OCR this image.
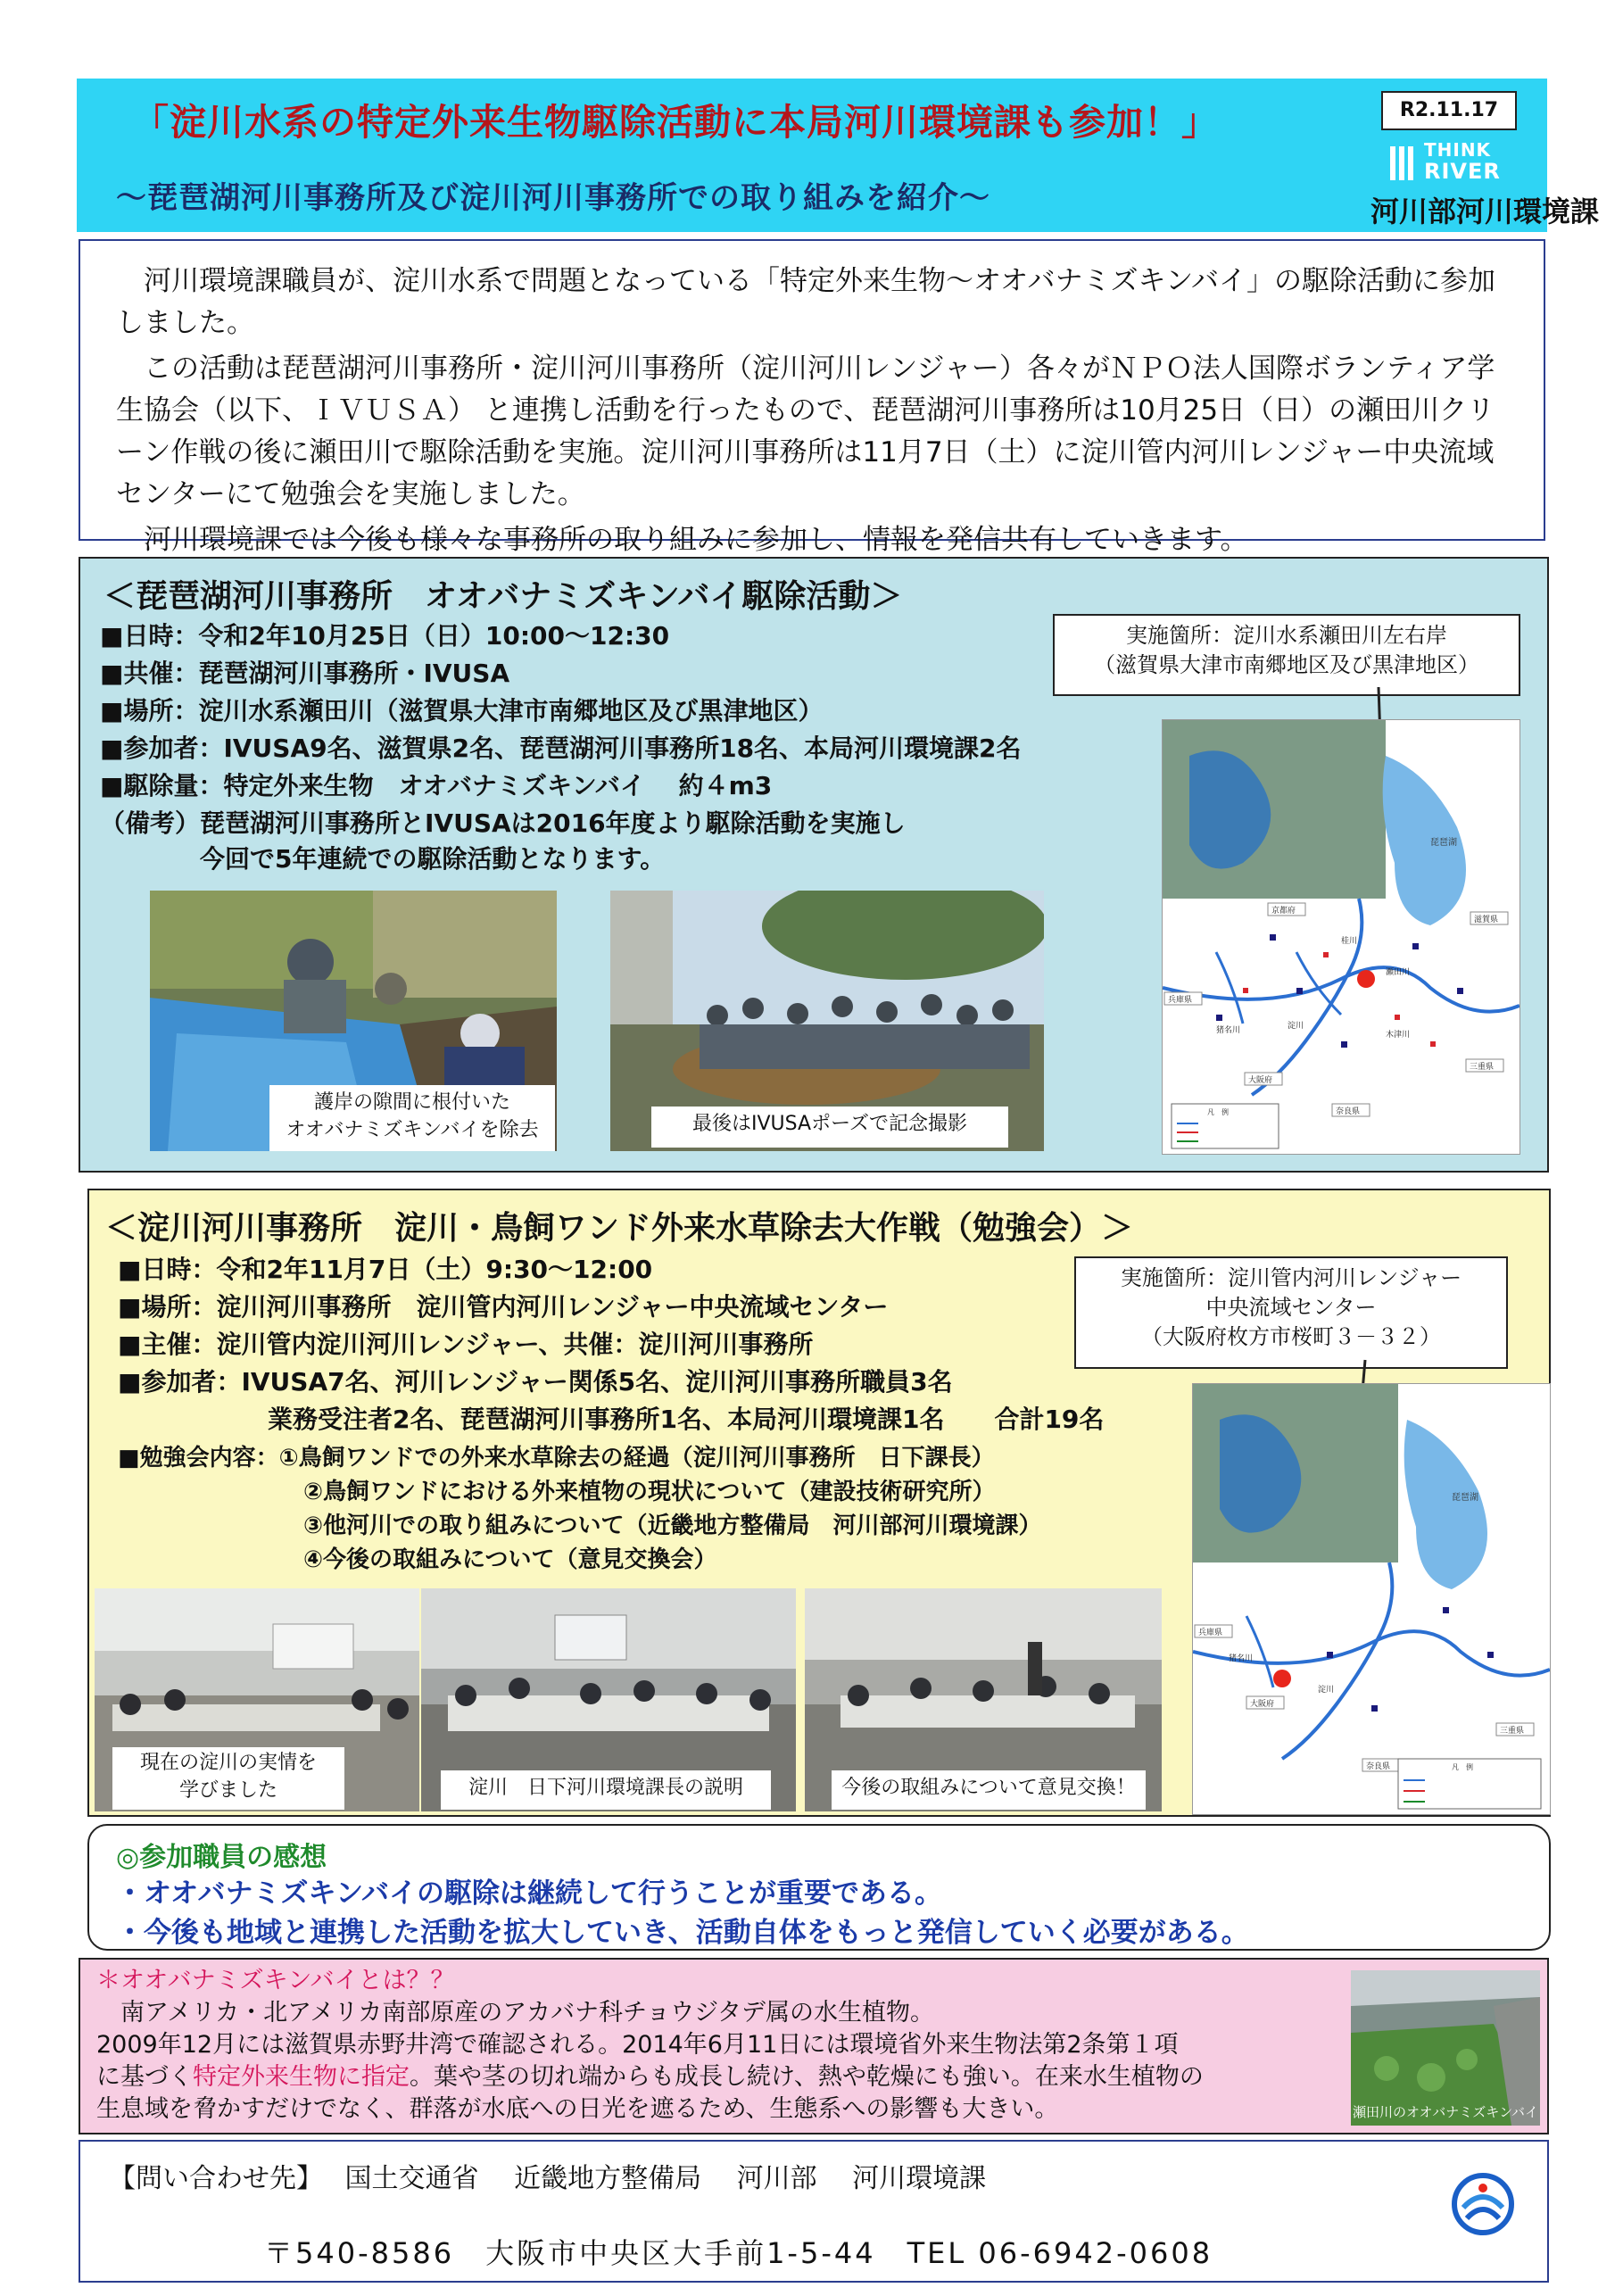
「淀川水系の特定外来生物駆除活動に本局河川環境課も参加！」
～琵琶湖河川事務所及び淀川河川事務所での取り組みを紹介～
R2.11.17
THINK
RIVER
河川部河川環境課

　河川環境課職員が、淀川水系で問題となっている「特定外来生物～オオバナミズキンバイ」の駆除活動に参加しました。

　この活動は琵琶湖河川事務所・淀川河川事務所（淀川河川レンジャー）各々がＮＰＯ法人国際ボランティア学生協会（以下、ＩＶＵＳＡ） と連携し活動を行ったもので、琵琶湖河川事務所は10月25日（日）の瀬田川クリーン作戦の後に瀬田川で駆除活動を実施。淀川河川事務所は11月7日（土）に淀川管内河川レンジャー中央流域センターにて勉強会を実施しました。

　河川環境課では今後も様々な事務所の取り組みに参加し、情報を発信共有していきます。

＜琵琶湖河川事務所　オオバナミズキンバイ駆除活動＞
■日時：令和2年10月25日（日）10:00～12:30
■共催：琵琶湖河川事務所・IVUSA
■場所：淀川水系瀬田川（滋賀県大津市南郷地区及び黒津地区）
■参加者：IVUSA9名、滋賀県2名、琵琶湖河川事務所18名、本局河川環境課2名
■駆除量：特定外来生物　オオバナミズキンバイ　 約４m3
（備考）琵琶湖河川事務所とIVUSAは2016年度より駆除活動を実施し
　　　　今回で5年連続での駆除活動となります。
実施箇所：淀川水系瀬田川左右岸
（滋賀県大津市南郷地区及び黒津地区）
護岸の隙間に根付いた
オオバナミズキンバイを除去	最後はIVUSAポーズで記念撮影
琵琶湖
京都府
滋賀県
兵庫県
瀬田川
淀川
木津川
大阪府
奈良県
三重県
猪名川
桂川
凡　例
＜淀川河川事務所　淀川・鳥飼ワンド外来水草除去大作戦（勉強会）＞
■日時：令和2年11月7日（土）9:30～12:00
■場所：淀川河川事務所　淀川管内河川レンジャー中央流域センター
■主催：淀川管内淀川河川レンジャー、共催：淀川河川事務所
■参加者：IVUSA7名、河川レンジャー関係5名、淀川河川事務所職員3名
　　　　　　業務受注者2名、琵琶湖河川事務所1名、本局河川環境課1名　　合計19名
■勉強会内容：①鳥飼ワンドでの外来水草除去の経過（淀川河川事務所　日下課長）
　　　　　　　　②鳥飼ワンドにおける外来植物の現状について（建設技術研究所）
　　　　　　　　③他河川での取り組みについて（近畿地方整備局　河川部河川環境課）
　　　　　　　　④今後の取組みについて（意見交換会）
実施箇所：淀川管内河川レンジャー
中央流域センター
（大阪府枚方市桜町３－３２）
現在の淀川の実情を
学びました	淀川　日下河川環境課長の説明	今後の取組みについて意見交換！
琵琶湖
兵庫県
淀川
大阪府
奈良県
三重県
猪名川
凡　例
◎参加職員の感想
・オオバナミズキンバイの駆除は継続して行うことが重要である。
・今後も地域と連携した活動を拡大していき、活動自体をもっと発信していく必要がある。
＊オオバナミズキンバイとは？？
　南アメリカ・北アメリカ南部原産のアカバナ科チョウジタデ属の水生植物。
2009年12月には滋賀県赤野井湾で確認される。2014年6月11日には環境省外来生物法第2条第１項
に基づく特定外来生物に指定。葉や茎の切れ端からも成長し続け、熱や乾燥にも強い。在来水生植物の
生息域を脅かすだけでなく、群落が水底への日光を遮るため、生態系への影響も大きい。	瀬田川のオオバナミズキンバイ
【問い合わせ先】　 国土交通省　 近畿地方整備局　 河川部　 河川環境課
〒540-8586　大阪市中央区大手前1-5-44　TEL 06-6942-0608
